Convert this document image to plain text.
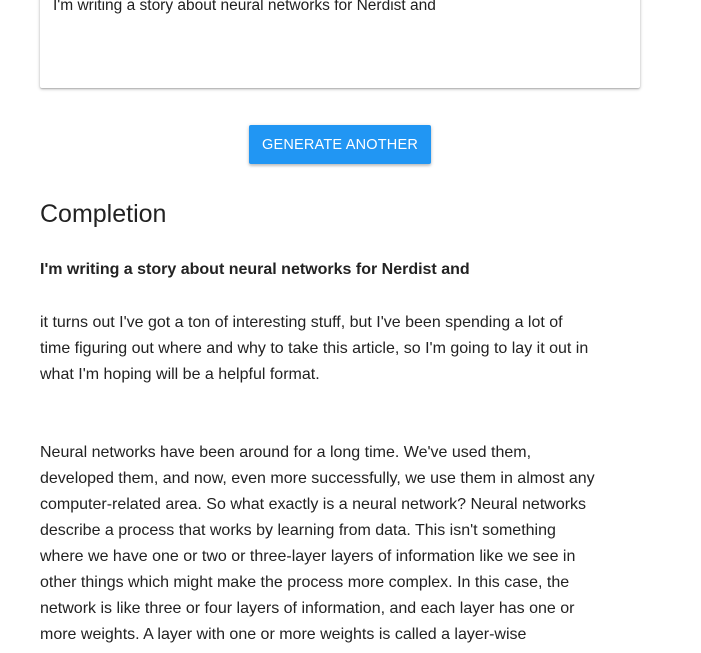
I'm writing a story about neural networks for Nerdist and
GENERATE ANOTHER
Completion

I'm writing a story about neural networks for Nerdist and

it turns out I've got a ton of interesting stuff, but I've been spending a lot of
time figuring out where and why to take this article, so I'm going to lay it out in
what I'm hoping will be a helpful format.

Neural networks have been around for a long time. We've used them,
developed them, and now, even more successfully, we use them in almost any
computer-related area. So what exactly is a neural network? Neural networks
describe a process that works by learning from data. This isn't something
where we have one or two or three-layer layers of information like we see in
other things which might make the process more complex. In this case, the
network is like three or four layers of information, and each layer has one or
more weights. A layer with one or more weights is called a layer-wise
